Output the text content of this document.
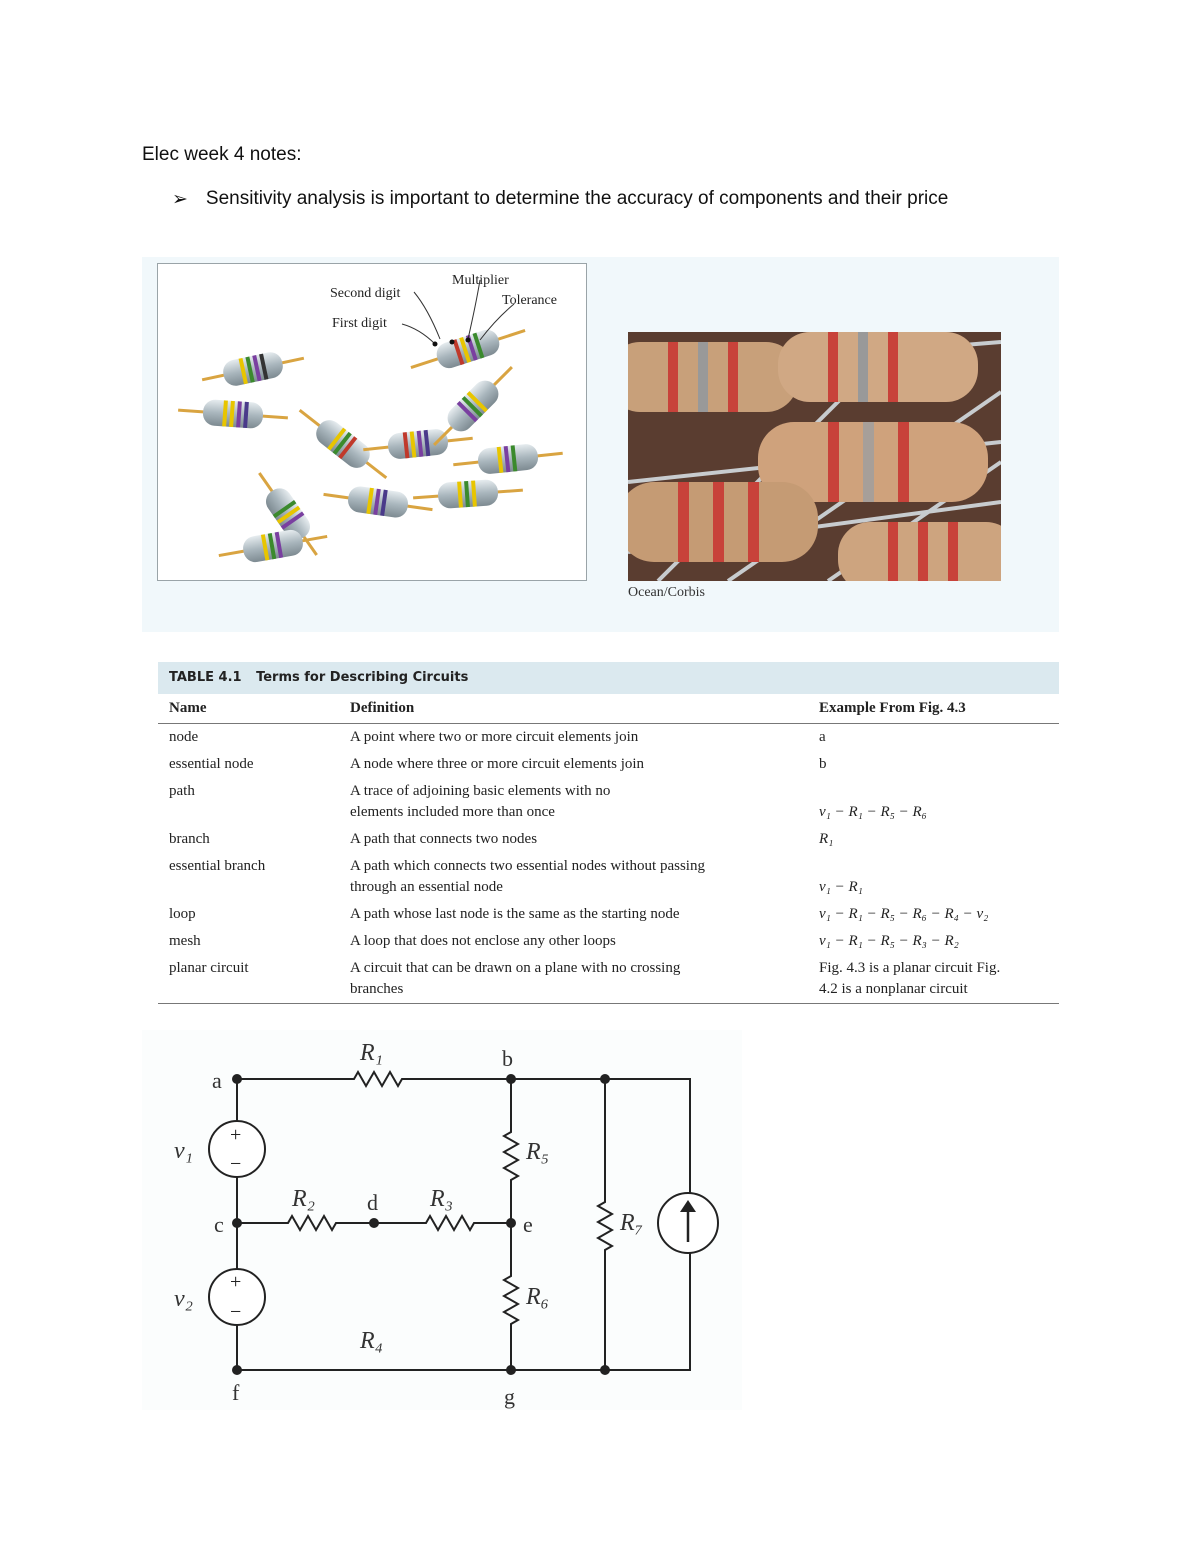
Elec week 4 notes:
➢ Sensitivity analysis is important to determine the accuracy of components and their price
Second digit
First digit
Multiplier
Tolerance
Ocean/Corbis
TABLE 4.1 Terms for Describing Circuits
Name	Definition	Example From Fig. 4.3
node	A point where two or more circuit elements join	a
essential node	A node where three or more circuit elements join	b
path	A trace of adjoining basic elements with no elements included more than once	v₁ − R₁ − R₅ − R₆
branch	A path that connects two nodes	R₁
essential branch	A path which connects two essential nodes without passing through an essential node	v₁ − R₁
loop	A path whose last node is the same as the starting node	v₁ − R₁ − R₅ − R₆ − R₄ − v₂
mesh	A loop that does not enclose any other loops	v₁ − R₁ − R₅ − R₃ − R₂
planar circuit	A circuit that can be drawn on a plane with no crossing branches	Fig. 4.3 is a planar circuit Fig. 4.2 is a nonplanar circuit
+
−
+
−
a
b
c
d
e
f	g
v₁
v₂
R₁
R₂	R₃
R₄
R₅
R₆
R₇
